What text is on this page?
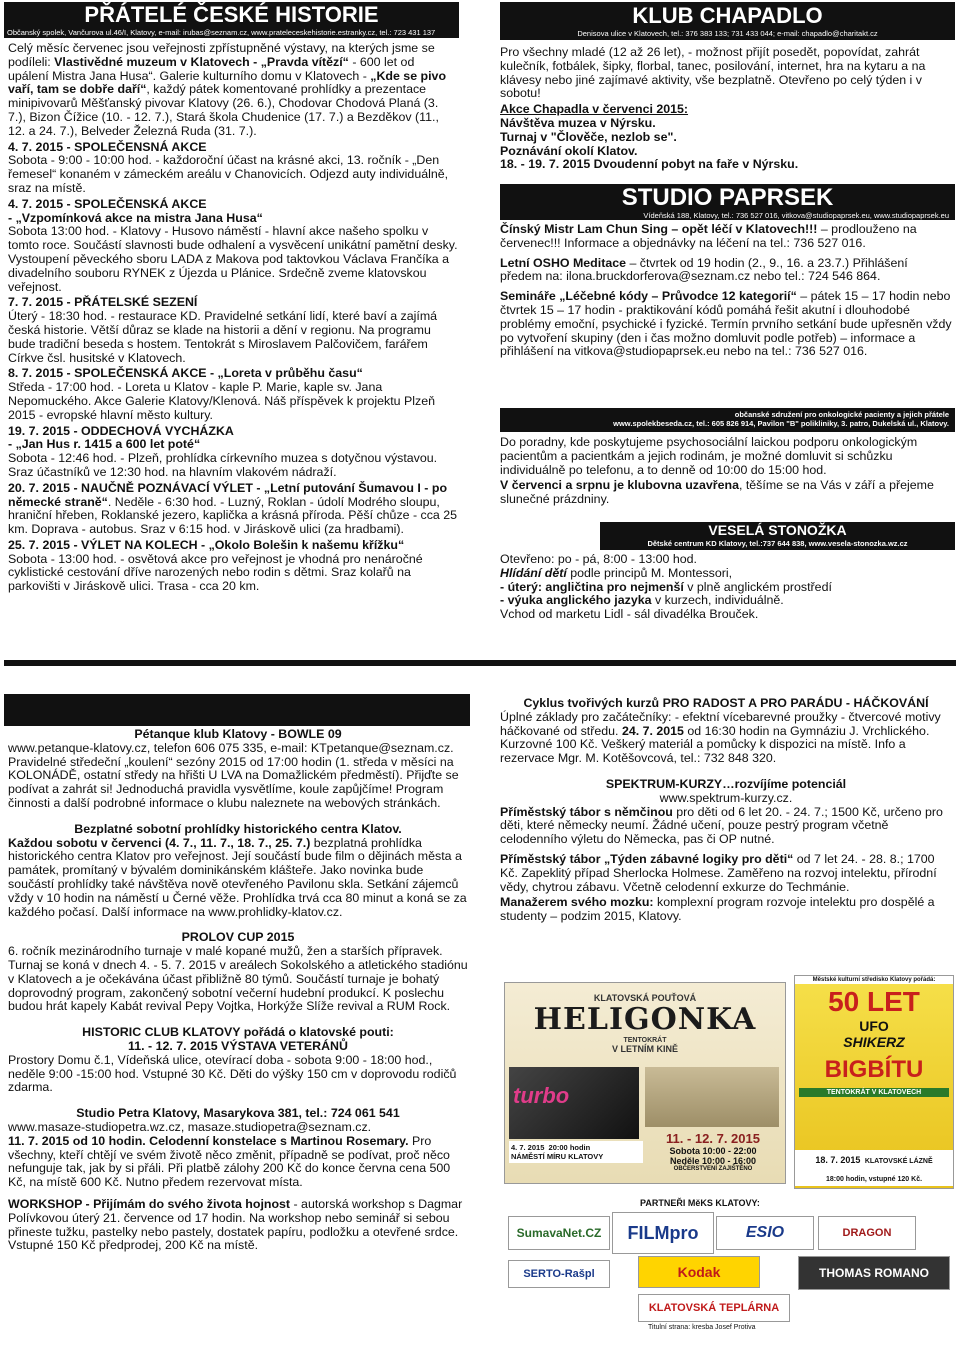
PŘÁTELÉ ČESKÉ HISTORIE
Občanský spolek, Vančurova ul.46/I, Klatovy, e-mail: irubas@seznam.cz, www.prateleceskehistorie.estranky.cz, tel.: 723 431 137

Celý měsíc červenec jsou veřejnosti zpřístupněné výstavy, na kterých jsme se podíleli: Vlastivědné muzeum v Klatovech - „Pravda vítězí“ - 600 let od upálení Mistra Jana Husa“. Galerie kulturního domu v Klatovech - „Kde se pivo vaří, tam se dobře daří“, každý pátek komentované prohlídky a prezentace minipivovarů Měšťanský pivovar Klatovy (26. 6.), Chodovar Chodová Planá (3. 7.), Bizon Čížice (10. - 12. 7.), Stará škola Chudenice (17. 7.) a Bezděkov (11., 12. a 24. 7.), Belveder Železná Ruda (31. 7.).

4. 7. 2015 - SPOLEČENSNÁ AKCE
Sobota - 9:00 - 10:00 hod. - každoroční účast na krásné akci, 13. ročník - „Den řemesel“ konaném v zámeckém areálu v Chanovicích. Odjezd auty individuálně, sraz na místě.

4. 7. 2015 - SPOLEČENSKÁ AKCE
- „Vzpomínková akce na mistra Jana Husa“
Sobota 13:00 hod. - Klatovy - Husovo náměstí - hlavní akce našeho spolku v tomto roce. Součástí slavnosti bude odhalení a vysvěcení unikátní pamětní desky. Vystoupení pěveckého sboru LADA z Makova pod taktovkou Václava Frančíka a divadelního souboru RYNEK z Újezda u Plánice. Srdečně zveme klatovskou veřejnost.

7. 7. 2015 - PŘÁTELSKÉ SEZENÍ
Úterý - 18:30 hod. - restaurace KD. Pravidelné setkání lidí, které baví a zajímá česká historie. Větší důraz se klade na historii a dění v regionu. Na programu bude tradiční beseda s hostem. Tentokrát s Miroslavem Palčovičem, farářem Církve čsl. husitské v Klatovech.

8. 7. 2015 - SPOLEČENSKÁ AKCE - „Loreta v průběhu času“
Středa - 17:00 hod. - Loreta u Klatov - kaple P. Marie, kaple sv. Jana Nepomuckého. Akce Galerie Klatovy/Klenová. Náš příspěvek k projektu Plzeň 2015 - evropské hlavní město kultury.

19. 7. 2015 - ODDECHOVÁ VYCHÁZKA
- „Jan Hus r. 1415 a 600 let poté“
Sobota - 12:46 hod. - Plzeň, prohlídka církevního muzea s dotyčnou výstavou. Sraz účastníků ve 12:30 hod. na hlavním vlakovém nádraží.

20. 7. 2015 - NAUČNĚ POZNÁVACÍ VÝLET - „Letní putování Šumavou I - po německé straně“. Neděle - 6:30 hod. - Luzný, Roklan - údolí Modrého sloupu, hraniční hřeben, Roklanské jezero, kaplička a krásná příroda. Pěší chůze - cca 25 km. Doprava - autobus. Sraz v 6:15 hod. v Jiráskově ulici (za hradbami).

25. 7. 2015 - VÝLET NA KOLECH - „Okolo Bolešin k našemu křížku“
Sobota - 13:00 hod. - osvětová akce pro veřejnost je vhodná pro nenáročné cyklistické cestování dříve narozených nebo rodin s dětmi. Sraz kolařů na parkovišti v Jiráskově ulici. Trasa - cca 20 km.

KLUB CHAPADLO
Denisova ulice v Klatovech, tel.: 376 383 133; 731 433 044; e-mail: chapadlo@charitakt.cz

Pro všechny mladé (12 až 26 let), - možnost přijít posedět, popovídat, zahrát kulečník, fotbálek, šipky, florbal, tanec, posilování, internet, hra na kytaru a na klávesy nebo jiné zajímavé aktivity, vše bezplatně. Otevřeno po celý týden i v sobotu!

Akce Chapadla v červenci 2015:
Návštěva muzea v Nýrsku.
Turnaj v "Člověče, nezlob se".
Poznávání okolí Klatov.
18. - 19. 7. 2015 Dvoudenní pobyt na faře v Nýrsku.
STUDIO PAPRSEK
Vídeňská 188, Klatovy, tel.: 736 527 016, vitkova@studiopaprsek.eu, www.studiopaprsek.eu

Čínský Mistr Lam Chun Sing – opět léčí v Klatovech!!! – prodlouženo na červenec!!! Informace a objednávky na léčení na tel.: 736 527 016.

Letní OSHO Meditace – čtvrtek od 19 hodin (2., 9., 16. a 23.7.) Přihlášení předem na: ilona.bruckdorferova@seznam.cz nebo tel.: 724 546 864.

Semináře „Léčebné kódy – Průvodce 12 kategorií“ – pátek 15 – 17 hodin nebo čtvrtek 15 – 17 hodin - praktikování kódů pomáhá řešit akutní i dlouhodobé problémy emoční, psychické i fyzické. Termín prvního setkání bude upřesněn vždy po vytvoření skupiny (den i čas možno domluvit podle potřeb) – informace a přihlášení na vitkova@studiopaprsek.eu nebo na tel.: 736 527 016.

občanské sdružení pro onkologické pacienty a jejich přátele
www.spolekbeseda.cz, tel.: 605 826 914, Pavilon "B" polikliniky, 3. patro, Dukelská ul., Klatovy.

Do poradny, kde poskytujeme psychosociální laickou podporu onkologickým pacientům a pacientkám a jejich rodinám, je možné domluvit si schůzku individuálně po telefonu, a to denně od 10:00 do 15:00 hod.

V červenci a srpnu je klubovna uzavřena, těšíme se na Vás v září a přejeme slunečné prázdniny.

VESELÁ STONOŽKA
Dětské centrum KD Klatovy, tel.:737 644 838, www.vesela-stonozka.wz.cz
Otevřeno: po - pá, 8:00 - 13:00 hod.
Hlídání dětí podle principů M. Montessori,
- úterý: angličtina pro nejmenší v plně anglickém prostředí
- výuka anglického jazyka v kurzech, individuálně.
Vchod od marketu Lidl - sál divadélka Brouček.
Pétanque klub Klatovy - BOWLE 09

www.petanque-klatovy.cz, telefon 606 075 335, e-mail: KTpetanque@seznam.cz. Pravidelné středeční „koulení“ sezóny 2015 od 17:00 hodin (1. středa v měsíci na KOLONÁDĚ, ostatní středy na hřišti U LVA na Domažlickém předměstí). Přijďte se podívat a zahrát si! Jednoduchá pravidla vysvětlíme, koule zapůjčíme! Program činnosti a další podrobné informace o klubu naleznete na webových stránkách.

Bezplatné sobotní prohlídky historického centra Klatov.

Každou sobotu v červenci (4. 7., 11. 7., 18. 7., 25. 7.) bezplatná prohlídka historického centra Klatov pro veřejnost. Její součástí bude film o dějinách města a památek, promítaný v bývalém dominikánském klášteře. Jako novinka bude součástí prohlídky také návštěva nově otevřeného Pavilonu skla. Setkání zájemců vždy v 10 hodin na náměstí u Černé věže. Prohlídka trvá cca 80 minut a koná se za každého počasí. Další informace na www.prohlidky-klatov.cz.

PROLOV CUP 2015

6. ročník mezinárodního turnaje v malé kopané mužů, žen a starších přípravek. Turnaj se koná v dnech 4. - 5. 7. 2015 v areálech Sokolského a atletického stadiónu v Klatovech a je očekávána účast přibližně 80 týmů. Součástí turnaje je bohatý doprovodný program, zakončený sobotní večerní hudební produkcí. K poslechu budou hrát kapely Kabát revival Pepy Vojtka, Horkýže Slíže revival a RUM Rock.

HISTORIC CLUB KLATOVY pořádá o klatovské pouti:
11. - 12. 7. 2015 VÝSTAVA VETERÁNŮ

Prostory Domu č.1, Vídeňská ulice, otevírací doba - sobota 9:00 - 18:00 hod., neděle 9:00 -15:00 hod. Vstupné 30 Kč. Děti do výšky 150 cm v doprovodu rodičů zdarma.

Studio Petra Klatovy, Masarykova 381, tel.: 724 061 541
www.masaze-studiopetra.wz.cz, masaze.studiopetra@seznam.cz.

11. 7. 2015 od 10 hodin. Celodenní konstelace s Martinou Rosemary. Pro všechny, kteří chtějí ve svém životě něco změnit, případně se podívat, proč něco nefunguje tak, jak by si přáli. Při platbě zálohy 200 Kč do konce června cena 500 Kč, na místě 600 Kč. Nutno předem rezervovat místa.

WORKSHOP - Přijímám do svého života hojnost - autorská workshop s Dagmar Polívkovou úterý 21. července od 17 hodin. Na workshop nebo seminář si sebou přineste tužku, pastelky nebo pastely, dostatek papíru, podložku a otevřené srdce. Vstupné 150 Kč předprodej, 200 Kč na místě.

Cyklus tvořivých kurzů PRO RADOST A PRO PARÁDU - HÁČKOVÁNÍ

Úplné základy pro začátečníky: - efektní vícebarevné proužky - čtvercové motivy háčkované od středu. 24. 7. 2015 od 16:30 hodin na Gymnáziu J. Vrchlického. Kurzovné 100 Kč. Veškerý materiál a pomůcky k dispozici na místě. Info a rezervace Mgr. M. Kotěšovcová, tel.: 732 848 320.

SPEKTRUM-KURZY…rozvíjíme potenciál
www.spektrum-kurzy.cz.

Příměstský tábor s němčinou pro děti od 6 let 20. - 24. 7.; 1500 Kč, určeno pro děti, které německy neumí. Žádné učení, pouze pestrý program včetně celodenního výletu do Německa, pas či OP nutné.

Příměstský tábor „Týden zábavné logiky pro děti“ od 7 let 24. - 28. 8.; 1700 Kč. Zapeklitý případ Sherlocka Holmese. Zaměřeno na rozvoj intelektu, přírodní vědy, chytrou zábavu. Včetně celodenní exkurze do Techmánie.

Manažerem svého mozku: komplexní program rozvoje intelektu pro dospělé a studenty – podzim 2015, Klatovy.

KLATOVSKÁ POUŤOVÁ
HELIGONKA
TENTOKRÁT
V LETNÍM KINĚ
turbo
4. 7. 2015 20:00 hodin
NÁMĚSTÍ MÍRU KLATOVY
11. - 12. 7. 2015
Sobota 10:00 - 22:00
Neděle 10:00 - 16:00
OBČERSTVENÍ ZAJIŠTĚNO
Městské kulturní středisko Klatovy pořádá:
50 LET
UFO
SHIKERZ
BIGBÍTU
TENTOKRÁT V KLATOVECH
18. 7. 2015 KLATOVSKÉ LÁZNĚ
18:00 hodin, vstupné 120 Kč.
PARTNEŘI MěKS KLATOVY:
SumavaNet.CZ	FILMpro	ESIO	DRAGON
SERTO-Rašpl	Kodak	THOMAS ROMANO
KLATOVSKÁ TEPLÁRNA
Titulní strana: kresba Josef Protiva
